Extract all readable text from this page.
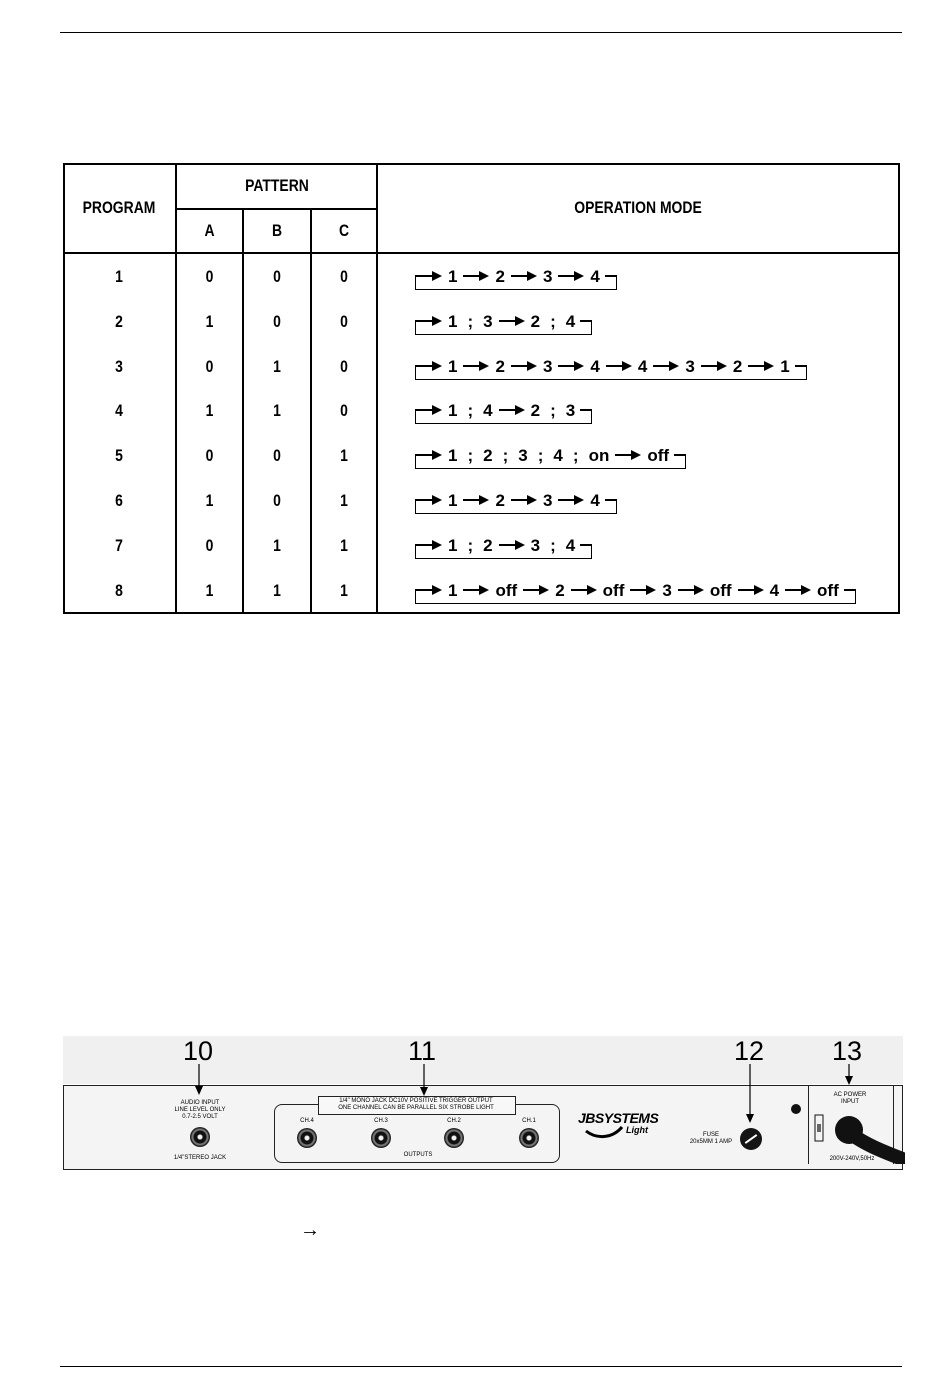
PROGRAM
PATTERN
A	B	C
OPERATION MODE
1	0	0	0	1 2 3 4
2	1	0	0	1 ; 3 2 ; 4
3	0	1	0	1 2 3 4 4 3 2 1
4	1	1	0	1 ; 4 2 ; 3
5	0	0	1	1 ; 2 ; 3 ; 4 ; on off
6	1	0	1	1 2 3 4
7	0	1	1	1 ; 2 3 ; 4
8	1	1	1	1 off 2 off 3 off 4 off
10	11	12	13
AUDIO INPUT
LINE LEVEL ONLY
0.7-2.5 VOLT
1/4"STEREO JACK
1/4" MONO JACK DC10V POSITIVE TRIGGER OUTPUT
ONE CHANNEL CAN BE PARALLEL SIX STROBE LIGHT
CH.4	CH.3	CH.2	CH.1
OUTPUTS
JBSYSTEMS
Light	FUSE
20x5MM 1 AMP
AC POWER
INPUT
200V-240V,50Hz
→
